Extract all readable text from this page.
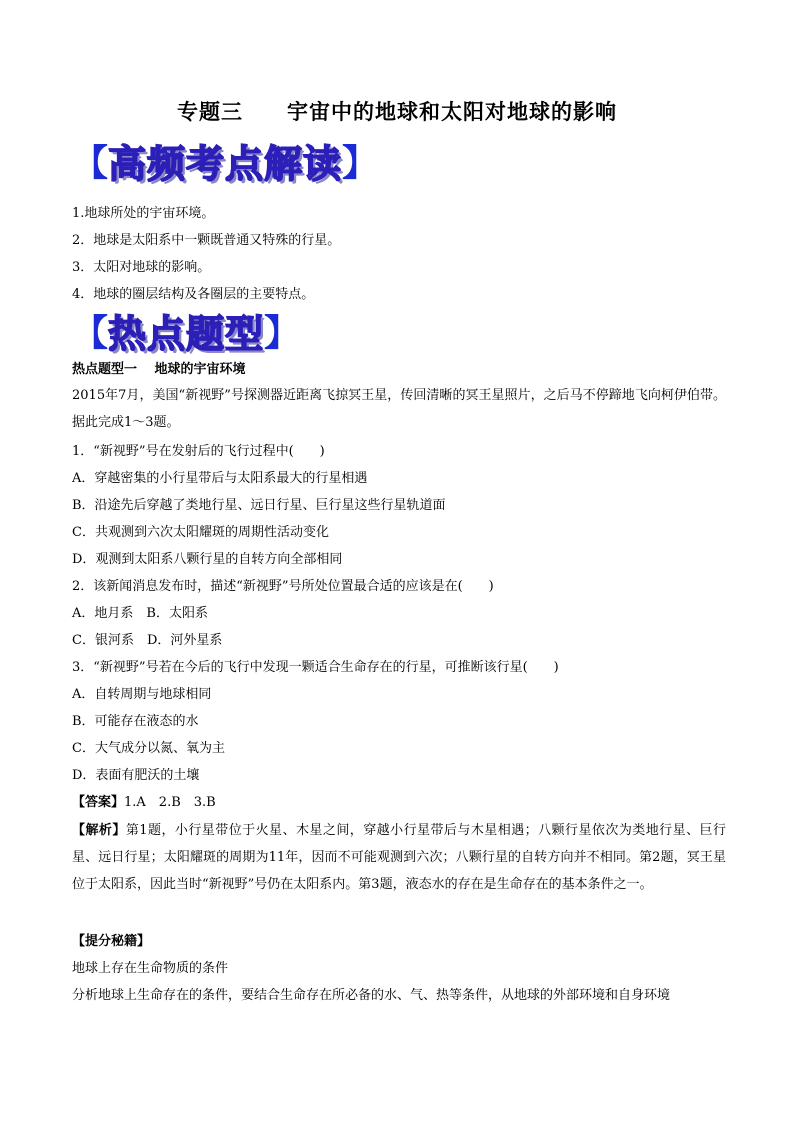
专题三　　宇宙中的地球和太阳对地球的影响
【 高频考点解读 】
1.地球所处的宇宙环境。
2．地球是太阳系中一颗既普通又特殊的行星。
3．太阳对地球的影响。
4．地球的圈层结构及各圈层的主要特点。
【 热点题型 】
热点题型一　 地球的宇宙环境
2015年7月，美国“新视野”号探测器近距离飞掠冥王星，传回清晰的冥王星照片，之后马不停蹄地飞向柯伊伯带。据此完成1～3题。
1．“新视野”号在发射后的飞行过程中(　　)
A．穿越密集的小行星带后与太阳系最大的行星相遇
B．沿途先后穿越了类地行星、远日行星、巨行星这些行星轨道面
C．共观测到六次太阳耀斑的周期性活动变化
D．观测到太阳系八颗行星的自转方向全部相同
2．该新闻消息发布时，描述“新视野”号所处位置最合适的应该是在(　　)
A．地月系　B．太阳系
C．银河系　D．河外星系
3．“新视野”号若在今后的飞行中发现一颗适合生命存在的行星，可推断该行星(　　)
A．自转周期与地球相同
B．可能存在液态的水
C．大气成分以氮、氧为主
D．表面有肥沃的土壤
【答案】1.A　2.B　3.B
【解析】第1题，小行星带位于火星、木星之间，穿越小行星带后与木星相遇；八颗行星依次为类地行星、巨行星、远日行星；太阳耀斑的周期为11年，因而不可能观测到六次；八颗行星的自转方向并不相同。第2题，冥王星位于太阳系，因此当时“新视野”号仍在太阳系内。第3题，液态水的存在是生命存在的基本条件之一。
【提分秘籍】
地球上存在生命物质的条件
分析地球上生命存在的条件，要结合生命存在所必备的水、气、热等条件，从地球的外部环境和自身环境
